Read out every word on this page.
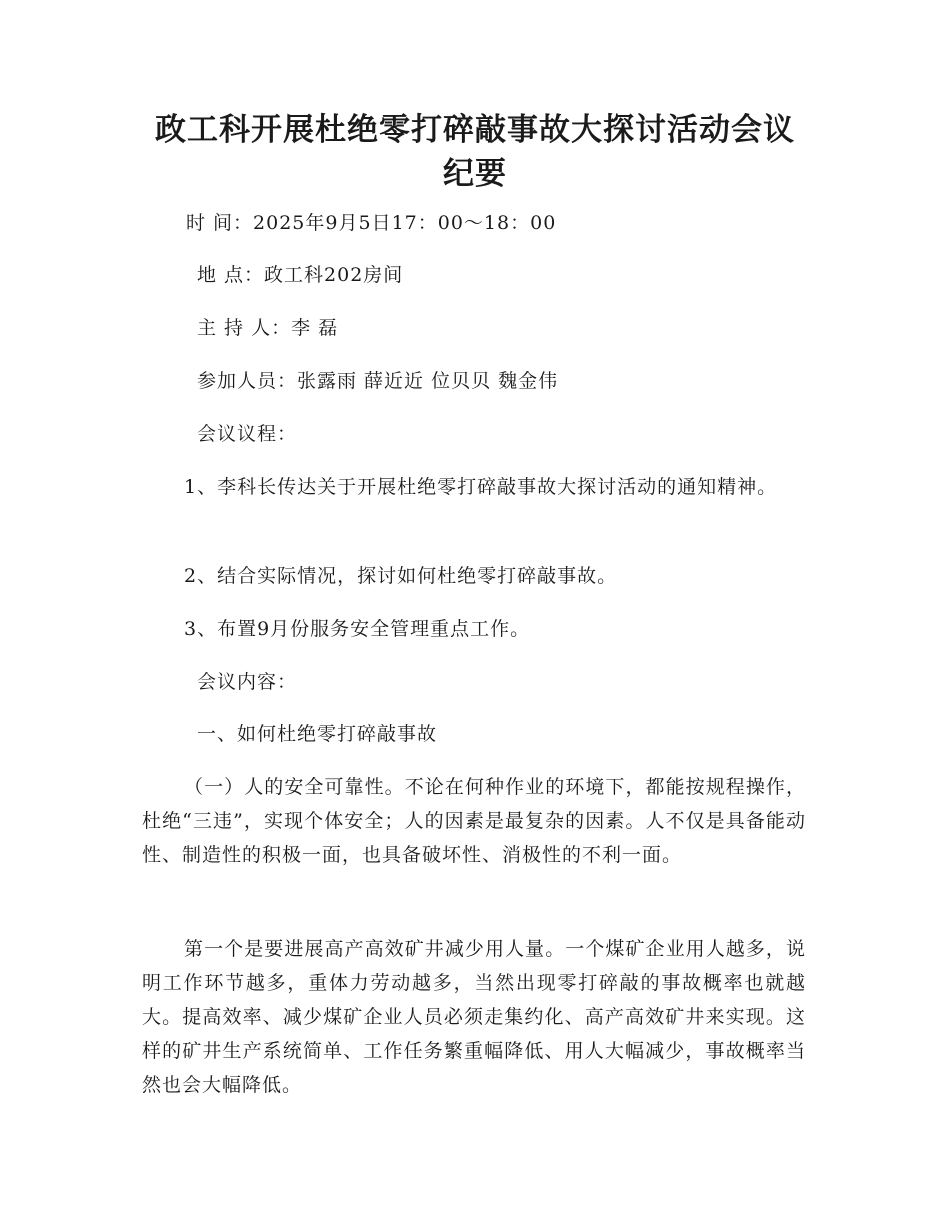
政工科开展杜绝零打碎敲事故大探讨活动会议纪要

时 间：2025年9月5日17：00～18：00

地 点：政工科202房间

主 持 人：李 磊

参加人员：张露雨 薛近近 位贝贝 魏金伟

会议议程：

1、李科长传达关于开展杜绝零打碎敲事故大探讨活动的通知精神。

2、结合实际情况，探讨如何杜绝零打碎敲事故。

3、布置9月份服务安全管理重点工作。

会议内容：

一、如何杜绝零打碎敲事故

（一）人的安全可靠性。不论在何种作业的环境下，都能按规程操作，杜绝“三违”，实现个体安全；人的因素是最复杂的因素。人不仅是具备能动性、制造性的积极一面，也具备破坏性、消极性的不利一面。

第一个是要进展高产高效矿井减少用人量。一个煤矿企业用人越多，说明工作环节越多，重体力劳动越多，当然出现零打碎敲的事故概率也就越大。提高效率、减少煤矿企业人员必须走集约化、高产高效矿井来实现。这样的矿井生产系统简单、工作任务繁重幅降低、用人大幅减少，事故概率当然也会大幅降低。
